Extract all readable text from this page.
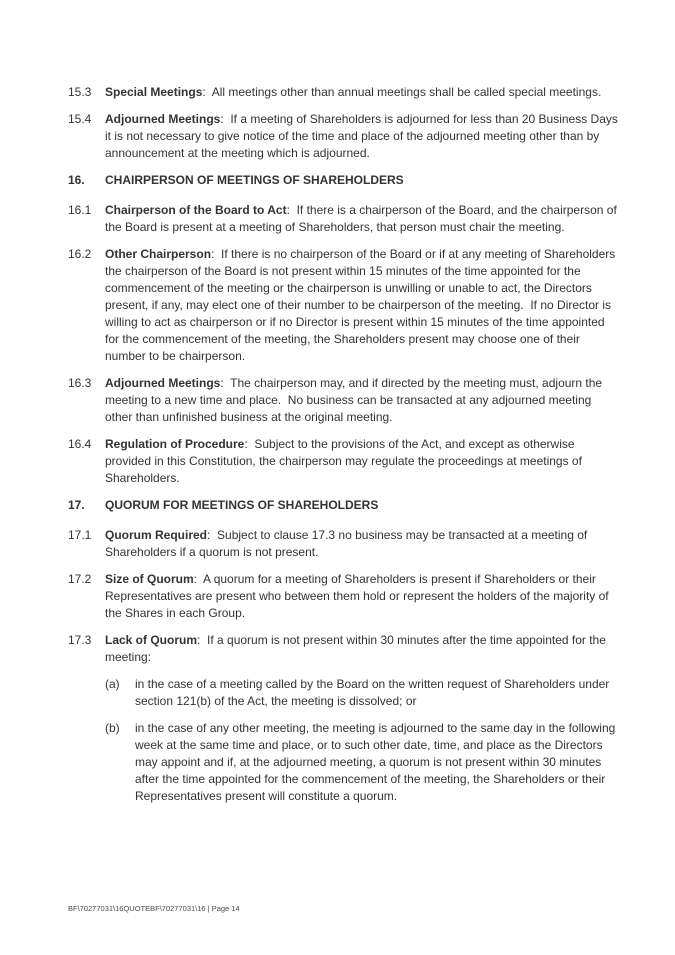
15.3	Special Meetings:  All meetings other than annual meetings shall be called special meetings.

15.4	Adjourned Meetings:  If a meeting of Shareholders is adjourned for less than 20 Business Days it is not necessary to give notice of the time and place of the adjourned meeting other than by announcement at the meeting which is adjourned.

16.	CHAIRPERSON OF MEETINGS OF SHAREHOLDERS
16.1	Chairperson of the Board to Act:  If there is a chairperson of the Board, and the chairperson of the Board is present at a meeting of Shareholders, that person must chair the meeting.

16.2	Other Chairperson:  If there is no chairperson of the Board or if at any meeting of Shareholders the chairperson of the Board is not present within 15 minutes of the time appointed for the commencement of the meeting or the chairperson is unwilling or unable to act, the Directors present, if any, may elect one of their number to be chairperson of the meeting.  If no Director is willing to act as chairperson or if no Director is present within 15 minutes of the time appointed for the commencement of the meeting, the Shareholders present may choose one of their number to be chairperson.

16.3	Adjourned Meetings:  The chairperson may, and if directed by the meeting must, adjourn the meeting to a new time and place.  No business can be transacted at any adjourned meeting other than unfinished business at the original meeting.

16.4	Regulation of Procedure:  Subject to the provisions of the Act, and except as otherwise provided in this Constitution, the chairperson may regulate the proceedings at meetings of Shareholders.

17.	QUORUM FOR MEETINGS OF SHAREHOLDERS
17.1	Quorum Required:  Subject to clause 17.3 no business may be transacted at a meeting of Shareholders if a quorum is not present.

17.2	Size of Quorum:  A quorum for a meeting of Shareholders is present if Shareholders or their Representatives are present who between them hold or represent the holders of the majority of the Shares in each Group.

17.3	Lack of Quorum:  If a quorum is not present within 30 minutes after the time appointed for the meeting:

(a)	in the case of a meeting called by the Board on the written request of Shareholders under section 121(b) of the Act, the meeting is dissolved; or

(b)	in the case of any other meeting, the meeting is adjourned to the same day in the following week at the same time and place, or to such other date, time, and place as the Directors may appoint and if, at the adjourned meeting, a quorum is not present within 30 minutes after the time appointed for the commencement of the meeting, the Shareholders or their Representatives present will constitute a quorum.

BF\70277031\16QUOTEBF\70277031\16 | Page 14
